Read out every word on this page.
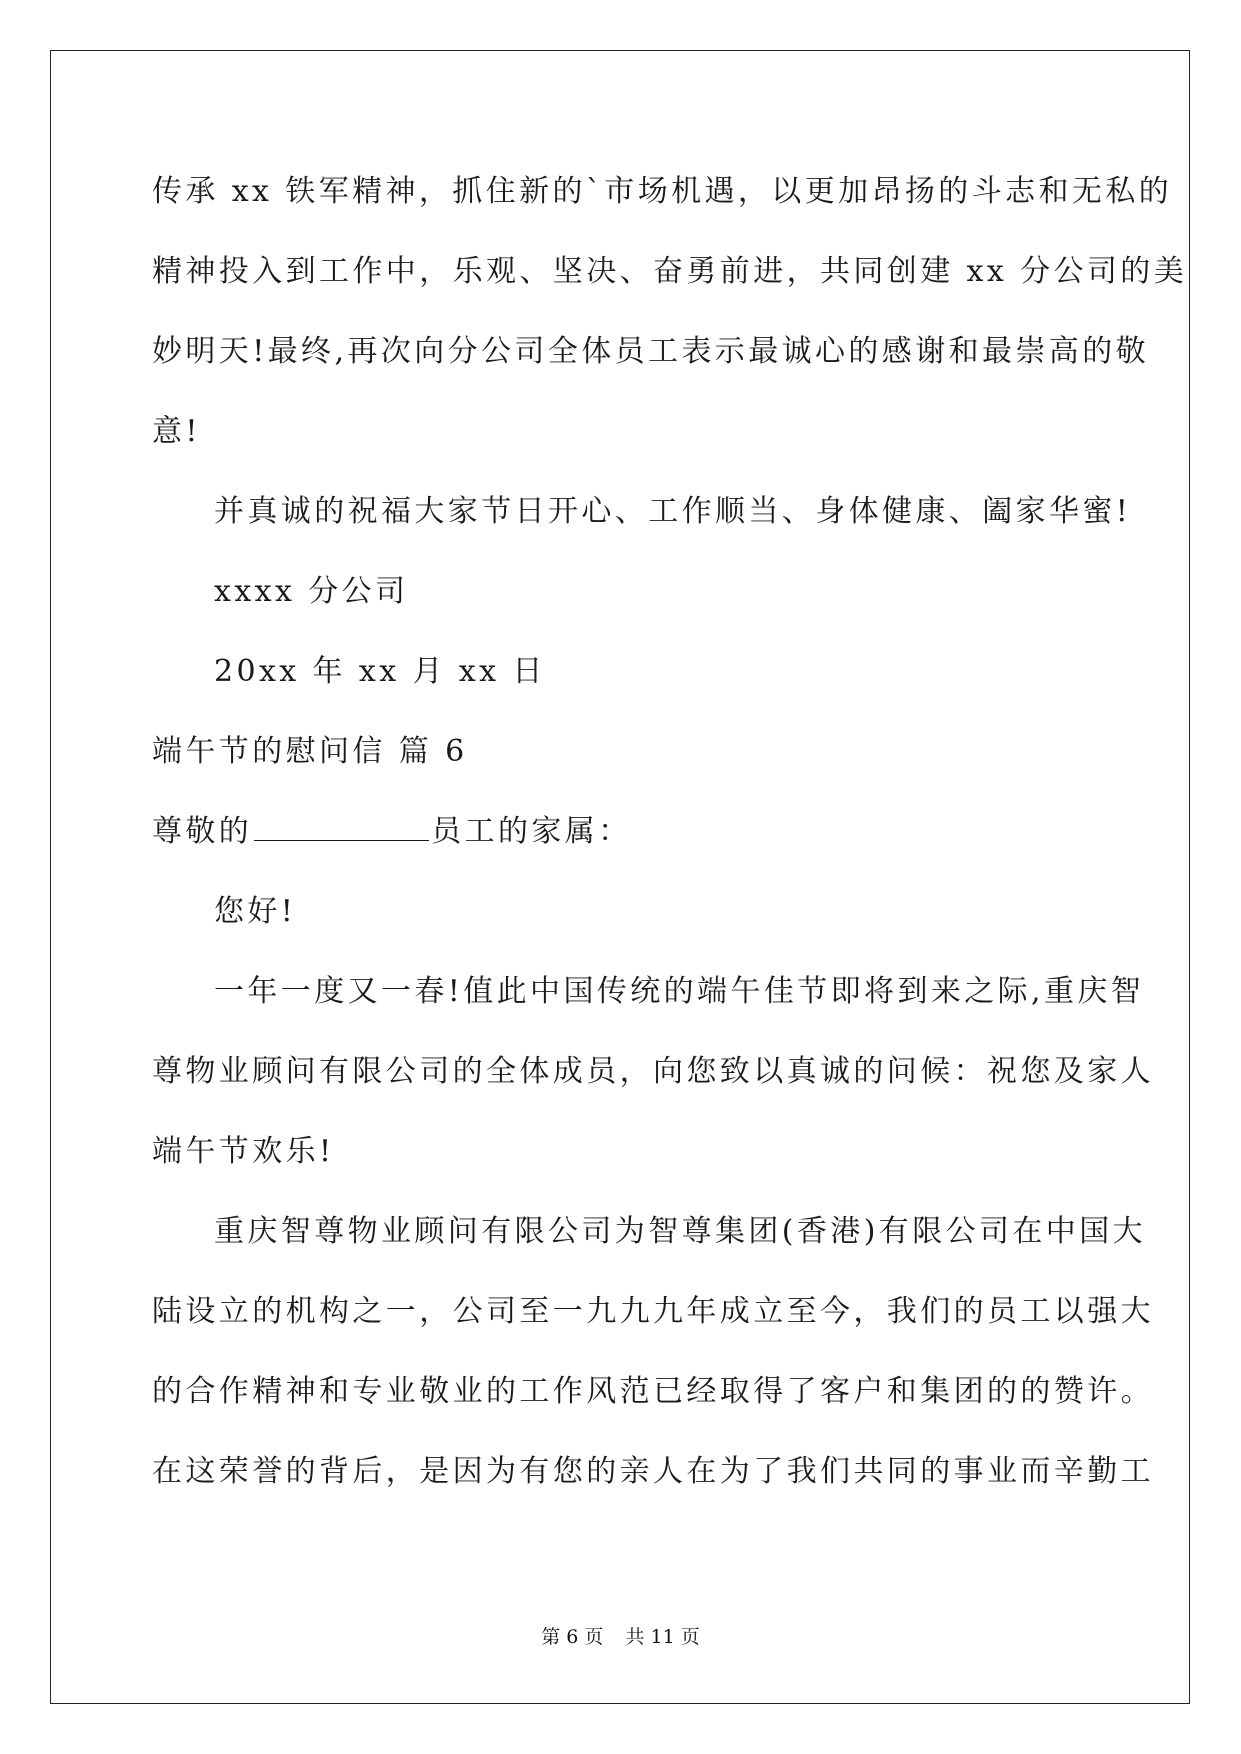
传承 xx 铁军精神，抓住新的`市场机遇，以更加昂扬的斗志和无私的
精神投入到工作中，乐观、坚决、奋勇前进，共同创建 xx 分公司的美
妙明天!最终,再次向分公司全体员工表示最诚心的感谢和最崇高的敬
意!
并真诚的祝福大家节日开心、工作顺当、身体健康、阖家华蜜!
xxxx 分公司
20xx 年 xx 月 xx 日
端午节的慰问信 篇 6
尊敬的	员工的家属：
您好!
一年一度又一春!值此中国传统的端午佳节即将到来之际,重庆智
尊物业顾问有限公司的全体成员，向您致以真诚的问候：祝您及家人
端午节欢乐!
重庆智尊物业顾问有限公司为智尊集团(香港)有限公司在中国大
陆设立的机构之一，公司至一九九九年成立至今，我们的员工以强大
的合作精神和专业敬业的工作风范已经取得了客户和集团的的赞许。
在这荣誉的背后，是因为有您的亲人在为了我们共同的事业而辛勤工
第 6 页 共 11 页
